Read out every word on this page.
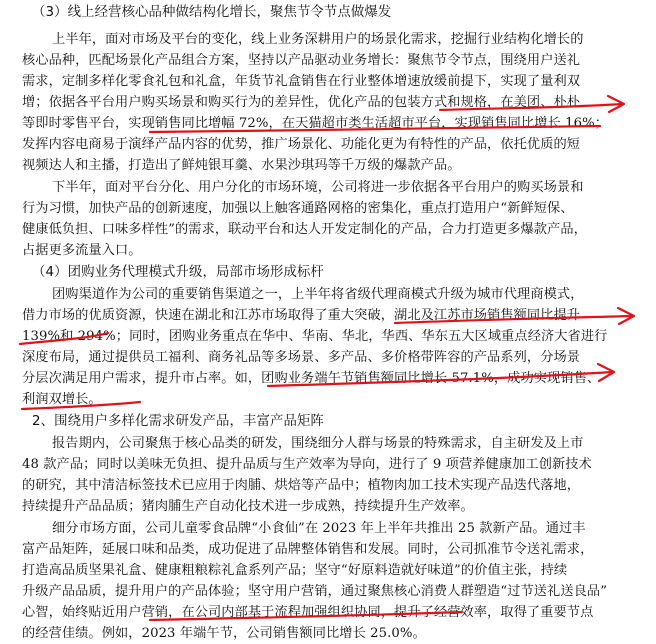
（3）线上经营核心品种做结构化增长，聚焦节令节点做爆发
上半年，面对市场及平台的变化，线上业务深耕用户的场景化需求，挖掘行业结构化增长的
核心品种，匹配场景化产品组合方案，坚持以产品驱动业务增长：聚焦节令节点，围绕用户送礼
需求，定制多样化零食礼包和礼盒，年货节礼盒销售在行业整体增速放缓前提下，实现了量利双
增；依据各平台用户购买场景和购买行为的差异性，优化产品的包装方式和规格，在美团、朴朴
等即时零售平台，实现销售同比增幅 72%，在天猫超市类生活超市平台，实现销售同比增长 16%；
发挥内容电商易于演绎产品内容的优势，推广场景化、功能化更为有特性的产品，依托优质的短
视频达人和主播，打造出了鲜炖银耳羹、水果沙琪玛等千万级的爆款产品。
下半年，面对平台分化、用户分化的市场环境，公司将进一步依据各平台用户的购买场景和
行为习惯，加快产品的创新速度，加强以上触客通路网格的密集化，重点打造用户“新鲜短保、
健康低负担、口味多样性”的需求，联动平台和达人开发定制化的产品，合力打造更多爆款产品，
占据更多流量入口。
（4）团购业务代理模式升级，局部市场形成标杆
团购渠道作为公司的重要销售渠道之一，上半年将省级代理商模式升级为城市代理商模式，
借力市场的优质资源，快速在湖北和江苏市场取得了重大突破，湖北及江苏市场销售额同比提升
139%和 294%；同时，团购业务重点在华中、华南、华北，华西、华东五大区域重点经济大省进行
深度布局，通过提供员工福利、商务礼品等多场景、多产品、多价格带阵容的产品系列，分场景
分层次满足用户需求，提升市占率。如，团购业务端午节销售额同比增长 57.1%，成功实现销售、
利润双增长。
2、围绕用户多样化需求研发产品，丰富产品矩阵
报告期内，公司聚焦于核心品类的研发，围绕细分人群与场景的特殊需求，自主研发及上市
48 款产品；同时以美味无负担、提升品质与生产效率为导向，进行了 9 项营养健康加工创新技术
的研究，其中清洁标签技术已应用于肉脯、烘焙等产品中；植物肉加工技术实现产品迭代落地，
持续提升产品品质；猪肉脯生产自动化技术进一步成熟，持续提升生产效率。
细分市场方面，公司儿童零食品牌“小食仙”在 2023 年上半年共推出 25 款新产品。通过丰
富产品矩阵，延展口味和品类，成功促进了品牌整体销售和发展。同时，公司抓准节令送礼需求，
打造高品质坚果礼盒、健康粗粮粽礼盒系列产品；坚守“好原料造就好味道”的价值主张，持续
升级产品品质，提升用户的产品体验；坚守用户营销，通过聚焦核心消费人群塑造“过节送礼送良品”
心智，始终贴近用户营销，在公司内部基于流程加强组织协同，提升了经营效率，取得了重要节点
的经营佳绩。例如，2023 年端午节，公司销售额同比增长 25.0%。
